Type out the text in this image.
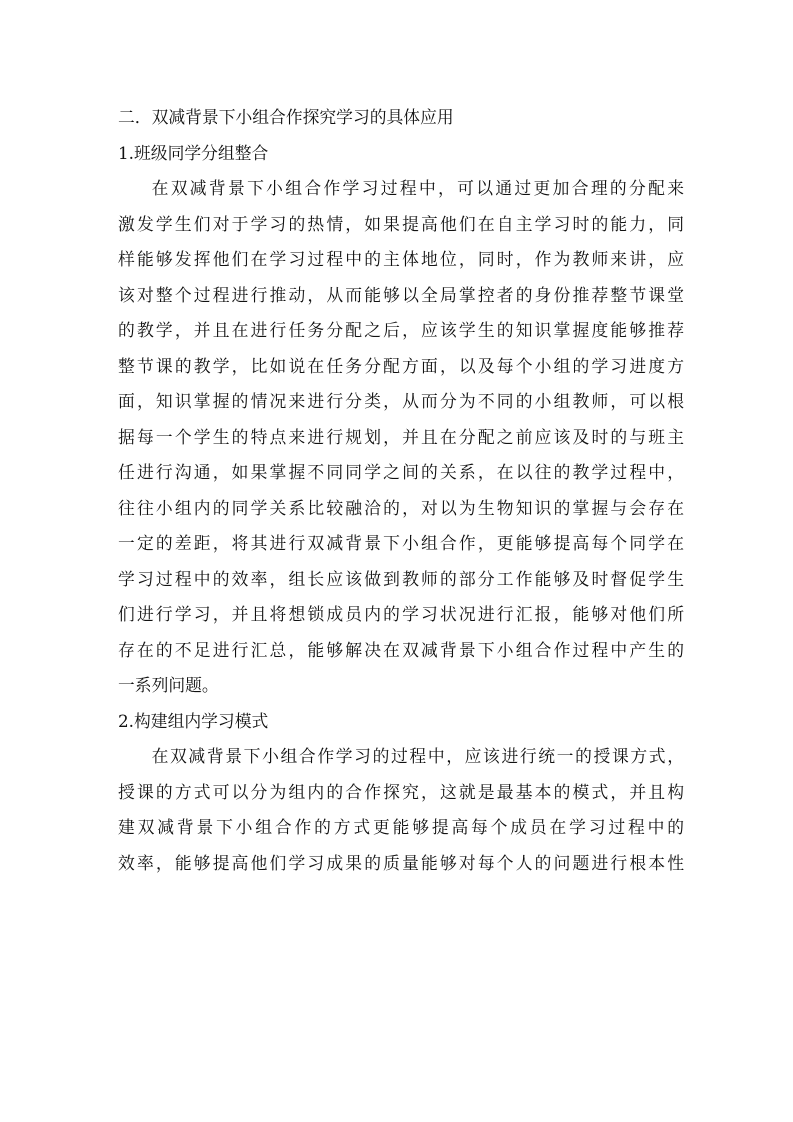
二．双减背景下小组合作探究学习的具体应用

1.班级同学分组整合

在双减背景下小组合作学习过程中，可以通过更加合理的分配来
激发学生们对于学习的热情，如果提高他们在自主学习时的能力，同
样能够发挥他们在学习过程中的主体地位，同时，作为教师来讲，应
该对整个过程进行推动，从而能够以全局掌控者的身份推荐整节课堂
的教学，并且在进行任务分配之后，应该学生的知识掌握度能够推荐
整节课的教学，比如说在任务分配方面，以及每个小组的学习进度方
面，知识掌握的情况来进行分类，从而分为不同的小组教师，可以根
据每一个学生的特点来进行规划，并且在分配之前应该及时的与班主
任进行沟通，如果掌握不同同学之间的关系，在以往的教学过程中，
往往小组内的同学关系比较融洽的，对以为生物知识的掌握与会存在
一定的差距，将其进行双减背景下小组合作，更能够提高每个同学在
学习过程中的效率，组长应该做到教师的部分工作能够及时督促学生
们进行学习，并且将想锁成员内的学习状况进行汇报，能够对他们所
存在的不足进行汇总，能够解决在双减背景下小组合作过程中产生的
一系列问题。

2.构建组内学习模式

在双减背景下小组合作学习的过程中，应该进行统一的授课方式，
授课的方式可以分为组内的合作探究，这就是最基本的模式，并且构
建双减背景下小组合作的方式更能够提高每个成员在学习过程中的
效率，能够提高他们学习成果的质量能够对每个人的问题进行根本性
